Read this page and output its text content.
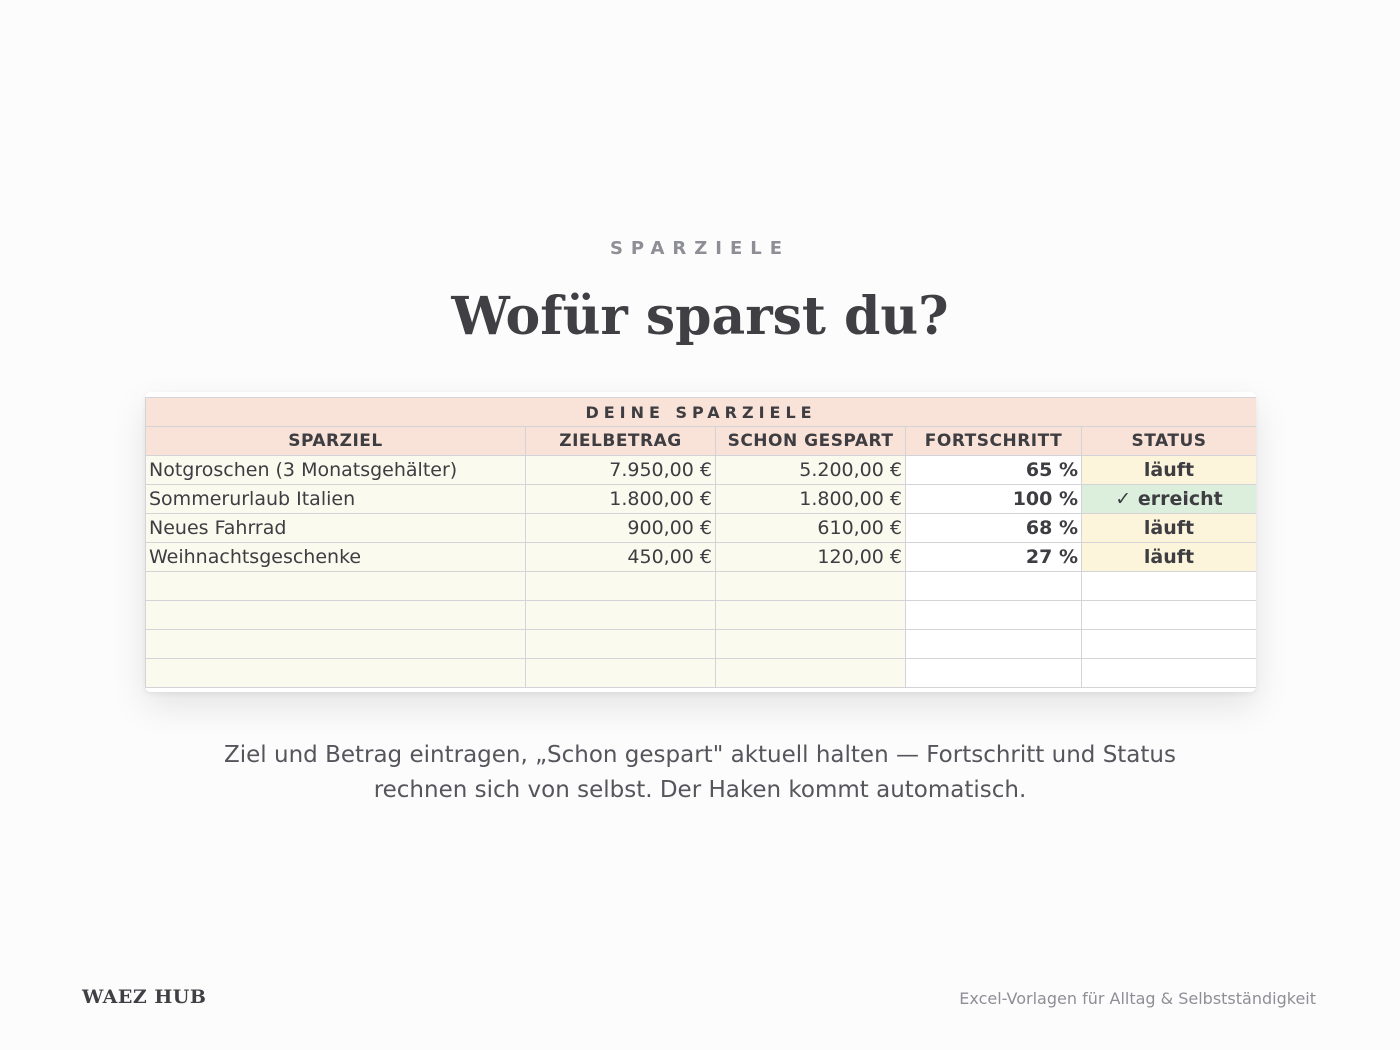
SPARZIELE
Wofür sparst du?
DEINE SPARZIELE				
SPARZIEL	ZIELBETRAG	SCHON GESPART	FORTSCHRITT	STATUS
Notgroschen (3 Monatsgehälter)	7.950,00 €	5.200,00 €	65 %	läuft
Sommerurlaub Italien	1.800,00 €	1.800,00 €	100 %	✓ erreicht
Neues Fahrrad	900,00 €	610,00 €	68 %	läuft
Weihnachtsgeschenke	450,00 €	120,00 €	27 %	läuft

Ziel und Betrag eintragen, „Schon gespart" aktuell halten — Fortschritt und Status
rechnen sich von selbst. Der Haken kommt automatisch.

WAEZ HUB	Excel-Vorlagen für Alltag & Selbstständigkeit
